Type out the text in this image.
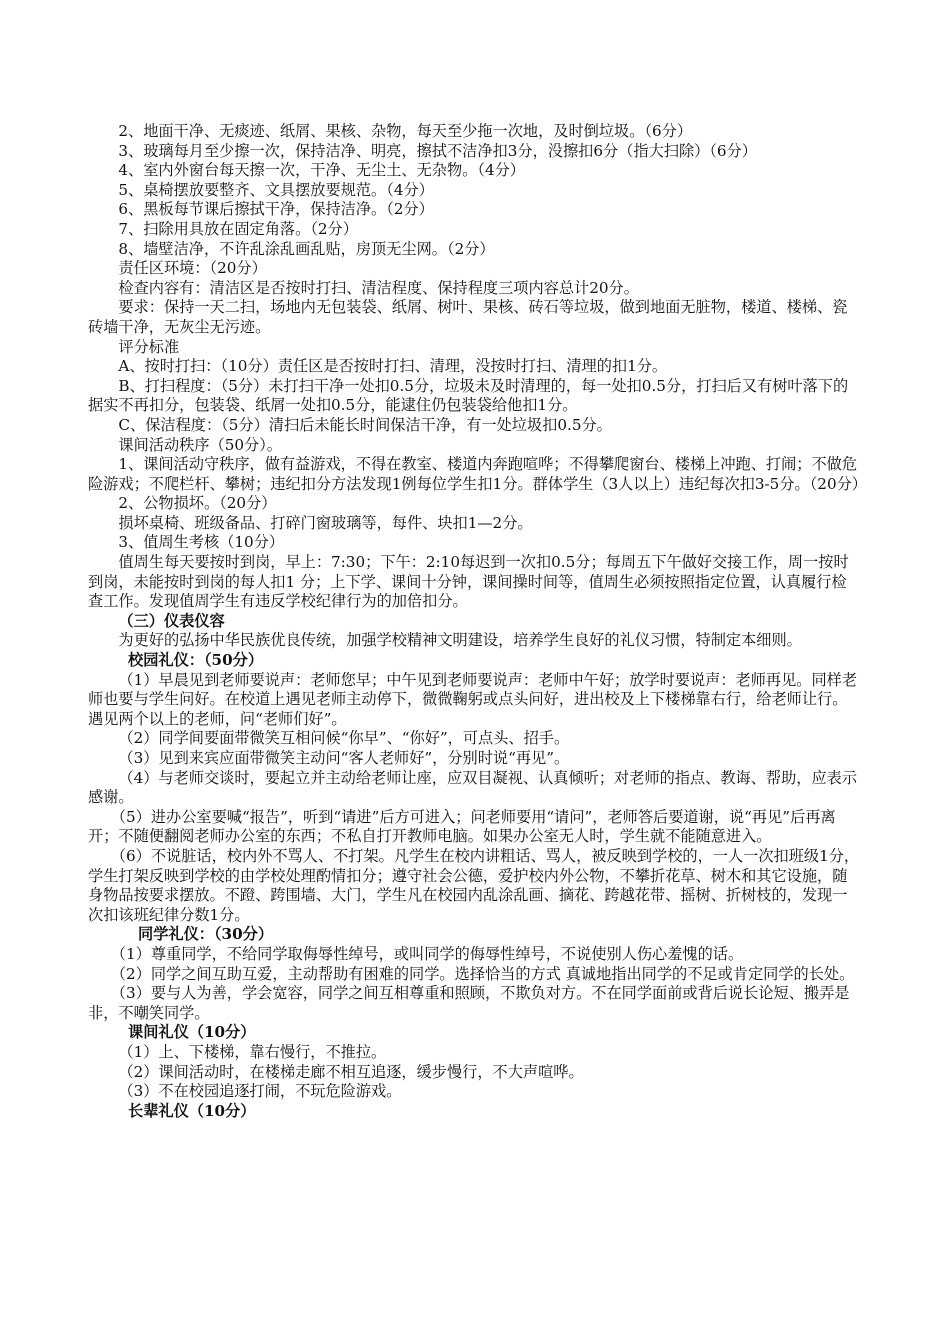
2、地面干净、无痰迹、纸屑、果核、杂物，每天至少拖一次地，及时倒垃圾。（6分）

3、玻璃每月至少擦一次，保持洁净、明亮，擦拭不洁净扣3分，没擦扣6分（指大扫除）（6分）

4、室内外窗台每天擦一次，干净、无尘土、无杂物。（4分）

5、桌椅摆放要整齐、文具摆放要规范。（4分）

6、黑板每节课后擦拭干净，保持洁净。（2分）

7、扫除用具放在固定角落。（2分）

8、墙壁洁净，不许乱涂乱画乱贴，房顶无尘网。（2分）

责任区环境：（20分）

检查内容有：清洁区是否按时打扫、清洁程度、保持程度三项内容总计20分。

要求：保持一天二扫，场地内无包装袋、纸屑、树叶、果核、砖石等垃圾，做到地面无脏物，楼道、楼梯、瓷砖墙干净，无灰尘无污迹。

评分标准

A、按时打扫：（10分）责任区是否按时打扫、清理，没按时打扫、清理的扣1分。

B、打扫程度：（5分）未打扫干净一处扣0.5分，垃圾未及时清理的，每一处扣0.5分，打扫后又有树叶落下的据实不再扣分，包装袋、纸屑一处扣0.5分，能逮住仍包装袋给他扣1分。

C、保洁程度：（5分）清扫后未能长时间保洁干净，有一处垃圾扣0.5分。

课间活动秩序（50分）。

1、课间活动守秩序，做有益游戏，不得在教室、楼道内奔跑喧哗；不得攀爬窗台、楼梯上冲跑、打闹；不做危险游戏；不爬栏杆、攀树；违纪扣分方法发现1例每位学生扣1分。群体学生（3人以上）违纪每次扣3-5分。（20分）

2、公物损坏。（20分）

损坏桌椅、班级备品、打碎门窗玻璃等，每件、块扣1—2分。

3、值周生考核（10分）

值周生每天要按时到岗，早上：7:30；下午：2:10每迟到一次扣0.5分；每周五下午做好交接工作，周一按时到岗，未能按时到岗的每人扣1 分；上下学、课间十分钟，课间操时间等，值周生必须按照指定位置，认真履行检查工作。发现值周学生有违反学校纪律行为的加倍扣分。

（三）仪表仪容

为更好的弘扬中华民族优良传统，加强学校精神文明建设，培养学生良好的礼仪习惯，特制定本细则。

校园礼仪：（50分）

（1）早晨见到老师要说声：老师您早；中午见到老师要说声：老师中午好；放学时要说声：老师再见。同样老师也要与学生问好。在校道上遇见老师主动停下，微微鞠躬或点头问好，进出校及上下楼梯靠右行，给老师让行。遇见两个以上的老师，问“老师们好”。

（2）同学间要面带微笑互相问候“你早”、“你好”，可点头、招手。

（3）见到来宾应面带微笑主动问“客人老师好”，分别时说“再见”。

（4）与老师交谈时，要起立并主动给老师让座，应双目凝视、认真倾听；对老师的指点、教诲、帮助，应表示感谢。

（5）进办公室要喊“报告”，听到“请进”后方可进入；问老师要用“请问”，老师答后要道谢，说“再见”后再离开；不随便翻阅老师办公室的东西；不私自打开教师电脑。如果办公室无人时，学生就不能随意进入。

（6）不说脏话，校内外不骂人、不打架。凡学生在校内讲粗话、骂人，被反映到学校的，一人一次扣班级1分，学生打架反映到学校的由学校处理酌情扣分；遵守社会公德，爱护校内外公物，不攀折花草、树木和其它设施，随身物品按要求摆放。不蹬、跨围墙、大门，学生凡在校园内乱涂乱画、摘花、跨越花带、摇树、折树枝的，发现一次扣该班纪律分数1分。

同学礼仪：（30分）

（1）尊重同学，不给同学取侮辱性绰号，或叫同学的侮辱性绰号，不说使别人伤心羞愧的话。

（2）同学之间互助互爱，主动帮助有困难的同学。选择恰当的方式 真诚地指出同学的不足或肯定同学的长处。

（3）要与人为善，学会宽容，同学之间互相尊重和照顾，不欺负对方。不在同学面前或背后说长论短、搬弄是非，不嘲笑同学。

课间礼仪（10分）

（1）上、下楼梯，靠右慢行，不推拉。

（2）课间活动时，在楼梯走廊不相互追逐，缓步慢行，不大声喧哗。

（3）不在校园追逐打闹，不玩危险游戏。

长辈礼仪（10分）
